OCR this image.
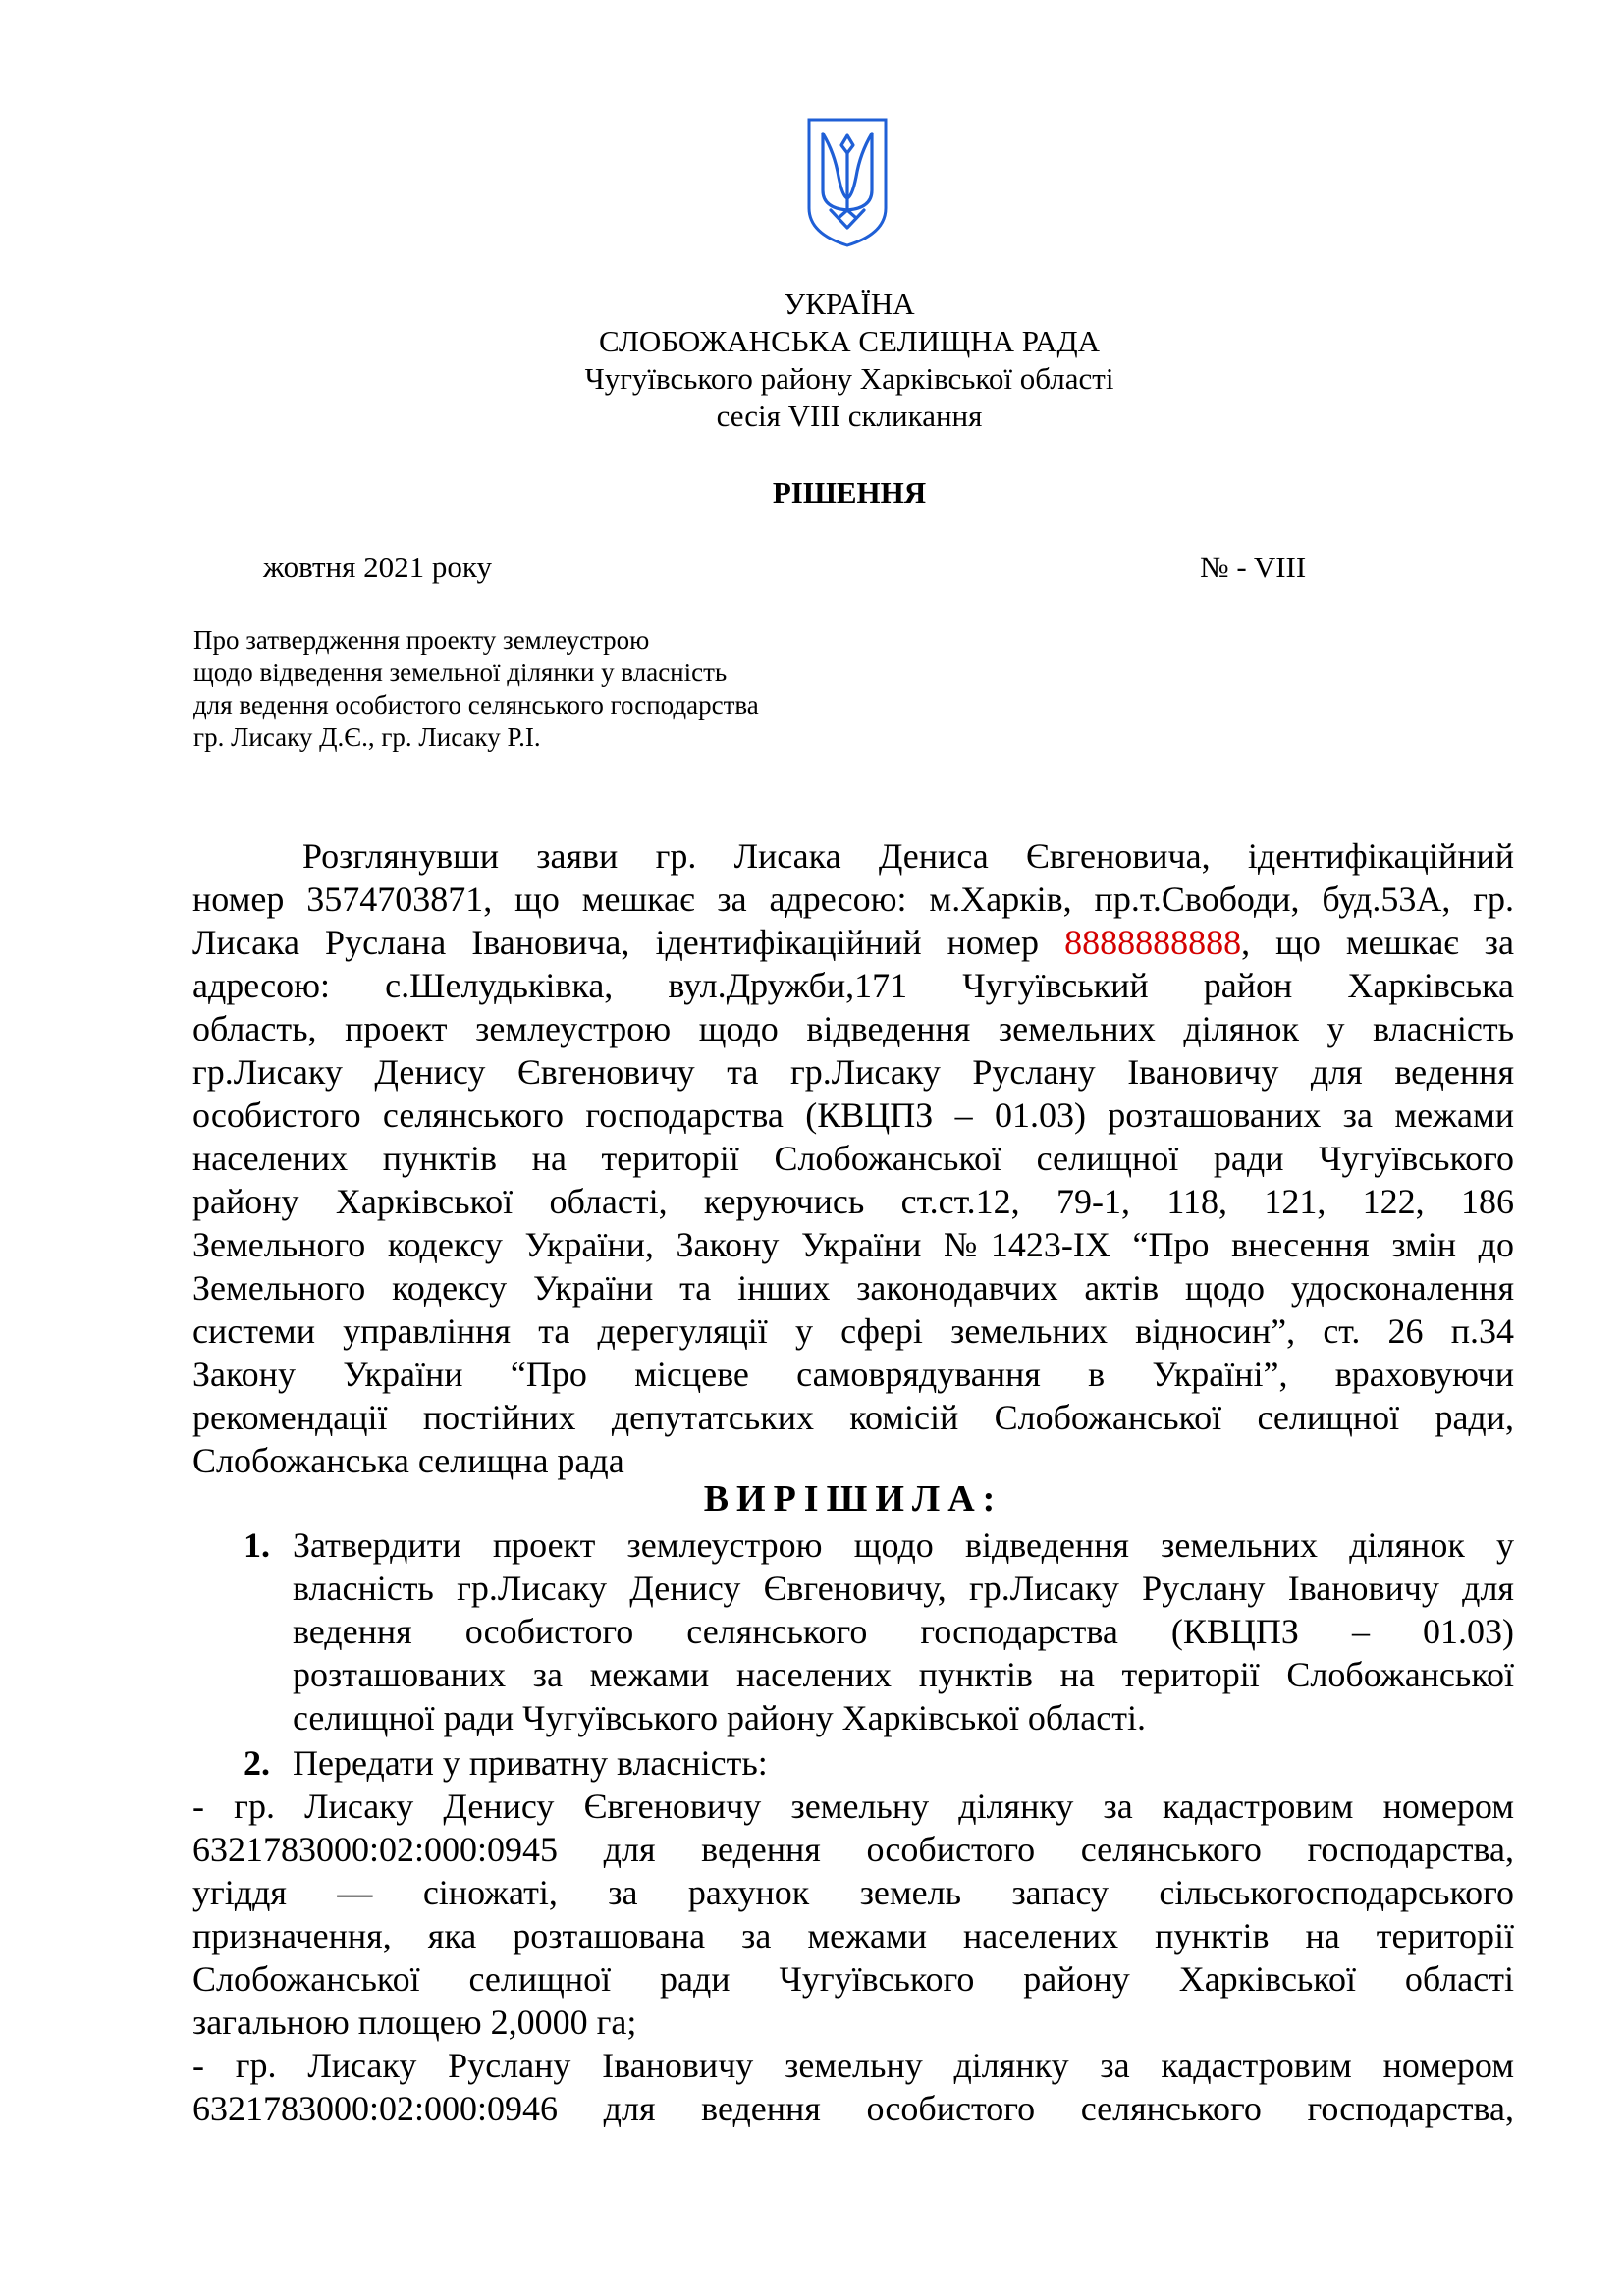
УКРАЇНА
СЛОБОЖАНСЬКА СЕЛИЩНА РАДА
Чугуївського району Харківської області
сесія VIII скликання
РІШЕННЯ
жовтня 2021 року	№ - VIII
Про затвердження проекту землеустрою
щодо відведення земельної ділянки у власність
для ведення особистого селянського господарства
гр. Лисаку Д.Є., гр. Лисаку Р.І.
Розглянувши заяви гр. Лисака Дениса Євгеновича, ідентифікаційний
номер 3574703871, що мешкає за адресою: м.Харків, пр.т.Свободи, буд.53А, гр.
Лисака Руслана Івановича, ідентифікаційний номер 8888888888, що мешкає за
адресою: с.Шелудьківка, вул.Дружби,171 Чугуївський район Харківська
область, проект землеустрою щодо відведення земельних ділянок у власність
гр.Лисаку Денису Євгеновичу та гр.Лисаку Руслану Івановичу для ведення
особистого селянського господарства (КВЦПЗ – 01.03) розташованих за межами
населених пунктів на території Слобожанської селищної ради Чугуївського
району Харківської області, керуючись ст.ст.12, 79-1, 118, 121, 122, 186
Земельного кодексу України, Закону України №1423-IX “Про внесення змін до
Земельного кодексу України та інших законодавчих актів щодо удосконалення
системи управління та дерегуляції у сфері земельних відносин”, ст. 26 п.34
Закону України “Про місцеве самоврядування в Україні”, враховуючи
рекомендації постійних депутатських комісій Слобожанської селищної ради,
Слобожанська селищна рада
ВИРІШИЛА:
1. Затвердити проект землеустрою щодо відведення земельних ділянок у
власність гр.Лисаку Денису Євгеновичу, гр.Лисаку Руслану Івановичу для
ведення особистого селянського господарства (КВЦПЗ – 01.03)
розташованих за межами населених пунктів на території Слобожанської
селищної ради Чугуївського району Харківської області.
2. Передати у приватну власність:
- гр. Лисаку Денису Євгеновичу земельну ділянку за кадастровим номером
6321783000:02:000:0945 для ведення особистого селянського господарства,
угіддя — сіножаті, за рахунок земель запасу сільськогосподарського
призначення, яка розташована за межами населених пунктів на території
Слобожанської селищної ради Чугуївського району Харківської області
загальною площею 2,0000 га;
- гр. Лисаку Руслану Івановичу земельну ділянку за кадастровим номером
6321783000:02:000:0946 для ведення особистого селянського господарства,
